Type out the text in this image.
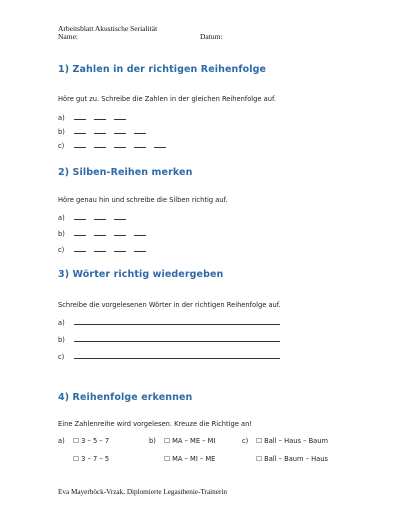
Arbeitsblatt Akustische Serialität
Name:	Datum:
1) Zahlen in der richtigen Reihenfolge
Höre gut zu. Schreibe die Zahlen in der gleichen Reihenfolge auf.
a)
b)
c)
2) Silben-Reihen merken
Höre genau hin und schreibe die Silben richtig auf.
a)
b)
c)
3) Wörter richtig wiedergeben
Schreibe die vorgelesenen Wörter in der richtigen Reihenfolge auf.
a)
b)
c)
4) Reihenfolge erkennen
Eine Zahlenreihe wird vorgelesen. Kreuze die Richtige an!
a) ☐ 3 – 5 – 7
☐ 3 – 7 – 5
b) ☐ MA – ME – MI
☐ MA – MI – ME
c) ☐ Ball – Haus – Baum
☐ Ball – Baum – Haus
Eva Mayerböck-Vrzak, Diplomierte Legasthenie-Trainerin
